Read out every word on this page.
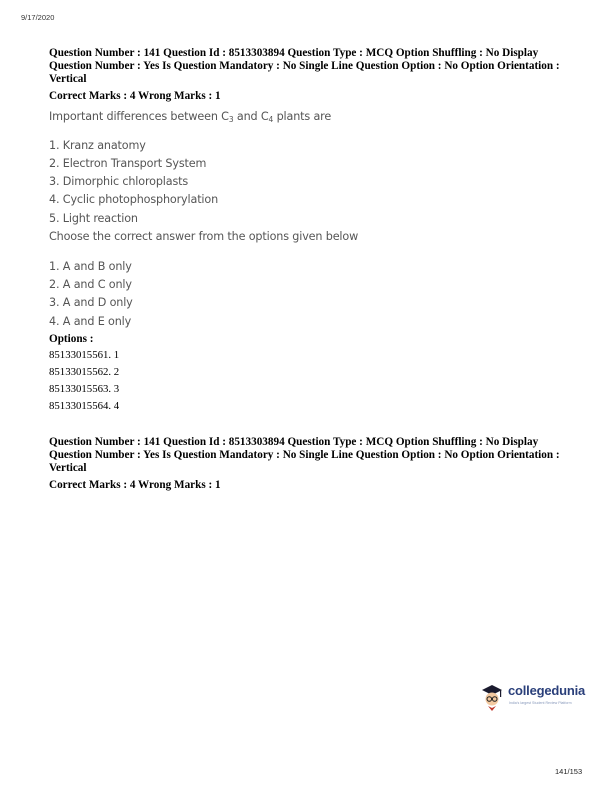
9/17/2020

Question Number : 141 Question Id : 8513303894 Question Type : MCQ Option Shuffling : No Display Question Number : Yes Is Question Mandatory : No Single Line Question Option : No Option Orientation : Vertical

Correct Marks : 4 Wrong Marks : 1
Important differences between $C_3$ and $C_4$ plants are
1. Kranz anatomy
2. Electron Transport System
3. Dimorphic chloroplasts
4. Cyclic photophosphorylation
5. Light reaction
Choose the correct answer from the options given below
1. A and B only
2. A and C only
3. A and D only
4. A and E only
Options :
85133015561. 1
85133015562. 2
85133015563. 3
85133015564. 4

Question Number : 141 Question Id : 8513303894 Question Type : MCQ Option Shuffling : No Display Question Number : Yes Is Question Mandatory : No Single Line Question Option : No Option Orientation : Vertical

Correct Marks : 4 Wrong Marks : 1
collegedunia
India's largest Student Review Platform
141/153
